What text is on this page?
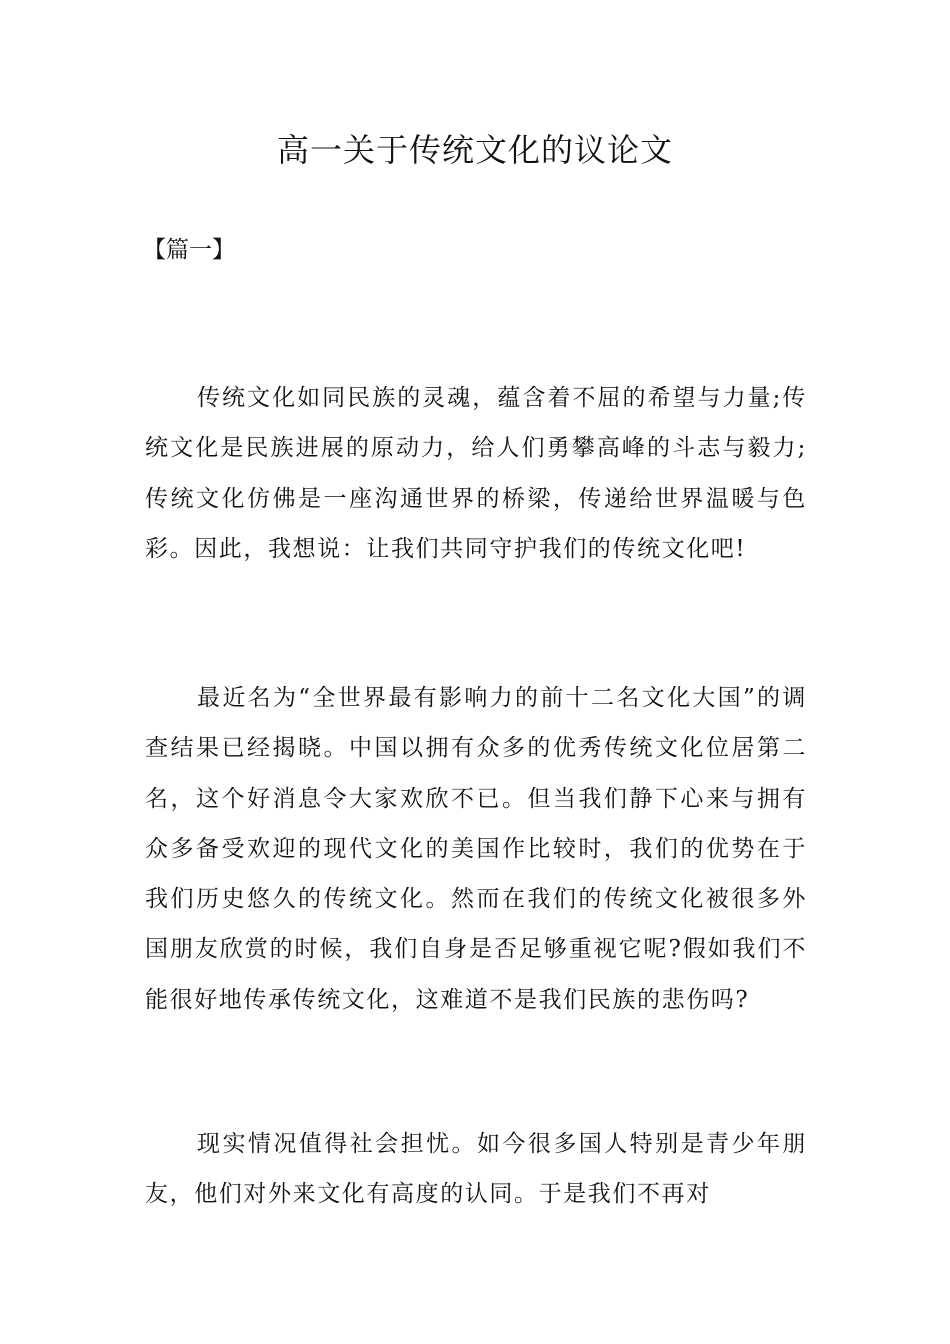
高一关于传统文化的议论文

【篇一】

传统文化如同民族的灵魂，蕴含着不屈的希望与力量;传统文化是民族进展的原动力，给人们勇攀高峰的斗志与毅力;传统文化仿佛是一座沟通世界的桥梁，传递给世界温暖与色彩。因此，我想说：让我们共同守护我们的传统文化吧!

最近名为“全世界最有影响力的前十二名文化大国”的调查结果已经揭晓。中国以拥有众多的优秀传统文化位居第二名，这个好消息令大家欢欣不已。但当我们静下心来与拥有众多备受欢迎的现代文化的美国作比较时，我们的优势在于我们历史悠久的传统文化。然而在我们的传统文化被很多外国朋友欣赏的时候，我们自身是否足够重视它呢?假如我们不能很好地传承传统文化，这难道不是我们民族的悲伤吗?

现实情况值得社会担忧。如今很多国人特别是青少年朋友，他们对外来文化有高度的认同。于是我们不再对
